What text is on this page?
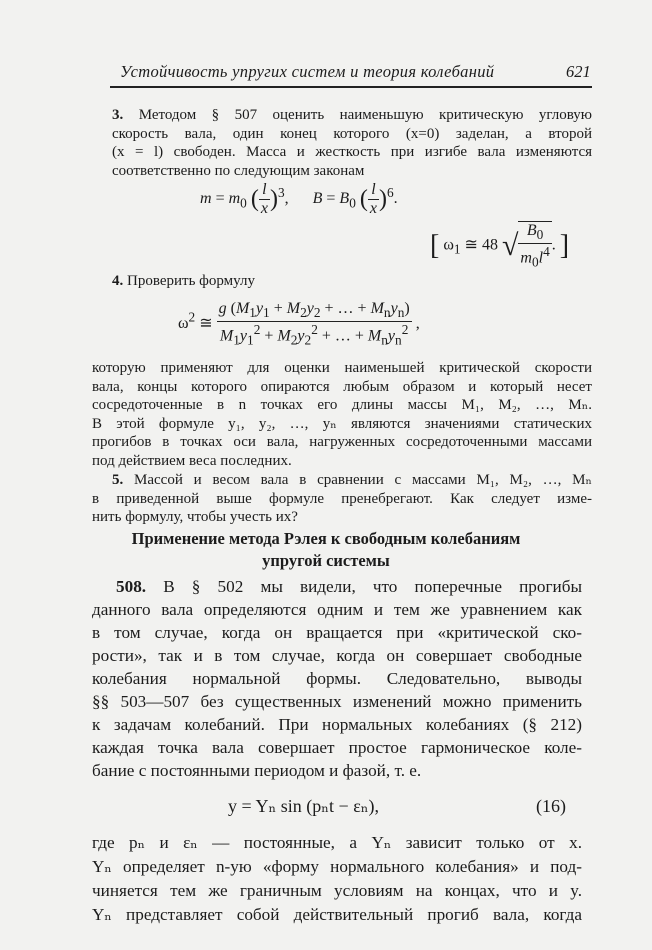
Устойчивость упругих систем и теория колебаний	621
3. Методом § 507 оценить наименьшую критическую угловую
скорость вала, один конец которого (x=0) заделан, а второй
(x = l) свободен. Масса и жесткость при изгибе вала изменяются
соответственно по следующим законам
$m = m_0$ ( $\frac{l}{x} )^3$,      $B = B_0$ ( $\frac{l}{x} )^6$.
[ $\omega_1$ ≅ 48 √ $\frac{B_0}{m_0l^4}$ . ]
4. Проверить формулу
$\omega^2$ ≅ $\frac{g (M_1y_1 + M_2y_2 + \dots + M_ny_n)}{M_1y_1^2 + M_2y_2^2 + \dots + M_ny_n^2}$ ,
которую применяют для оценки наименьшей критической скорости
вала, концы которого опираются любым образом и который несет
сосредоточенные в n точках его длины массы M₁, M₂, …, Mₙ.
В этой формуле y₁, y₂, …, yₙ являются значениями статических
прогибов в точках оси вала, нагруженных сосредоточенными массами
под действием веса последних.
5. Массой и весом вала в сравнении с массами M₁, M₂, …, Mₙ
в приведенной выше формуле пренебрегают. Как следует изме-
нить формулу, чтобы учесть их?
Применение метода Рэлея к свободным колебаниям
упругой системы
508. В § 502 мы видели, что поперечные прогибы
данного вала определяются одним и тем же уравнением как
в том случае, когда он вращается при «критической ско-
рости», так и в том случае, когда он совершает свободные
колебания нормальной формы. Следовательно, выводы
§§ 503—507 без существенных изменений можно применить
к задачам колебаний. При нормальных колебаниях (§ 212)
каждая точка вала совершает простое гармоническое коле-
бание с постоянными периодом и фазой, т. е.
y = Yₙ sin (pₙt − εₙ),	(16)
где pₙ и εₙ — постоянные, а Yₙ зависит только от x.
Yₙ определяет n-ую «форму нормального колебания» и под-
чиняется тем же граничным условиям на концах, что и y.
Yₙ представляет собой действительный прогиб вала, когда
